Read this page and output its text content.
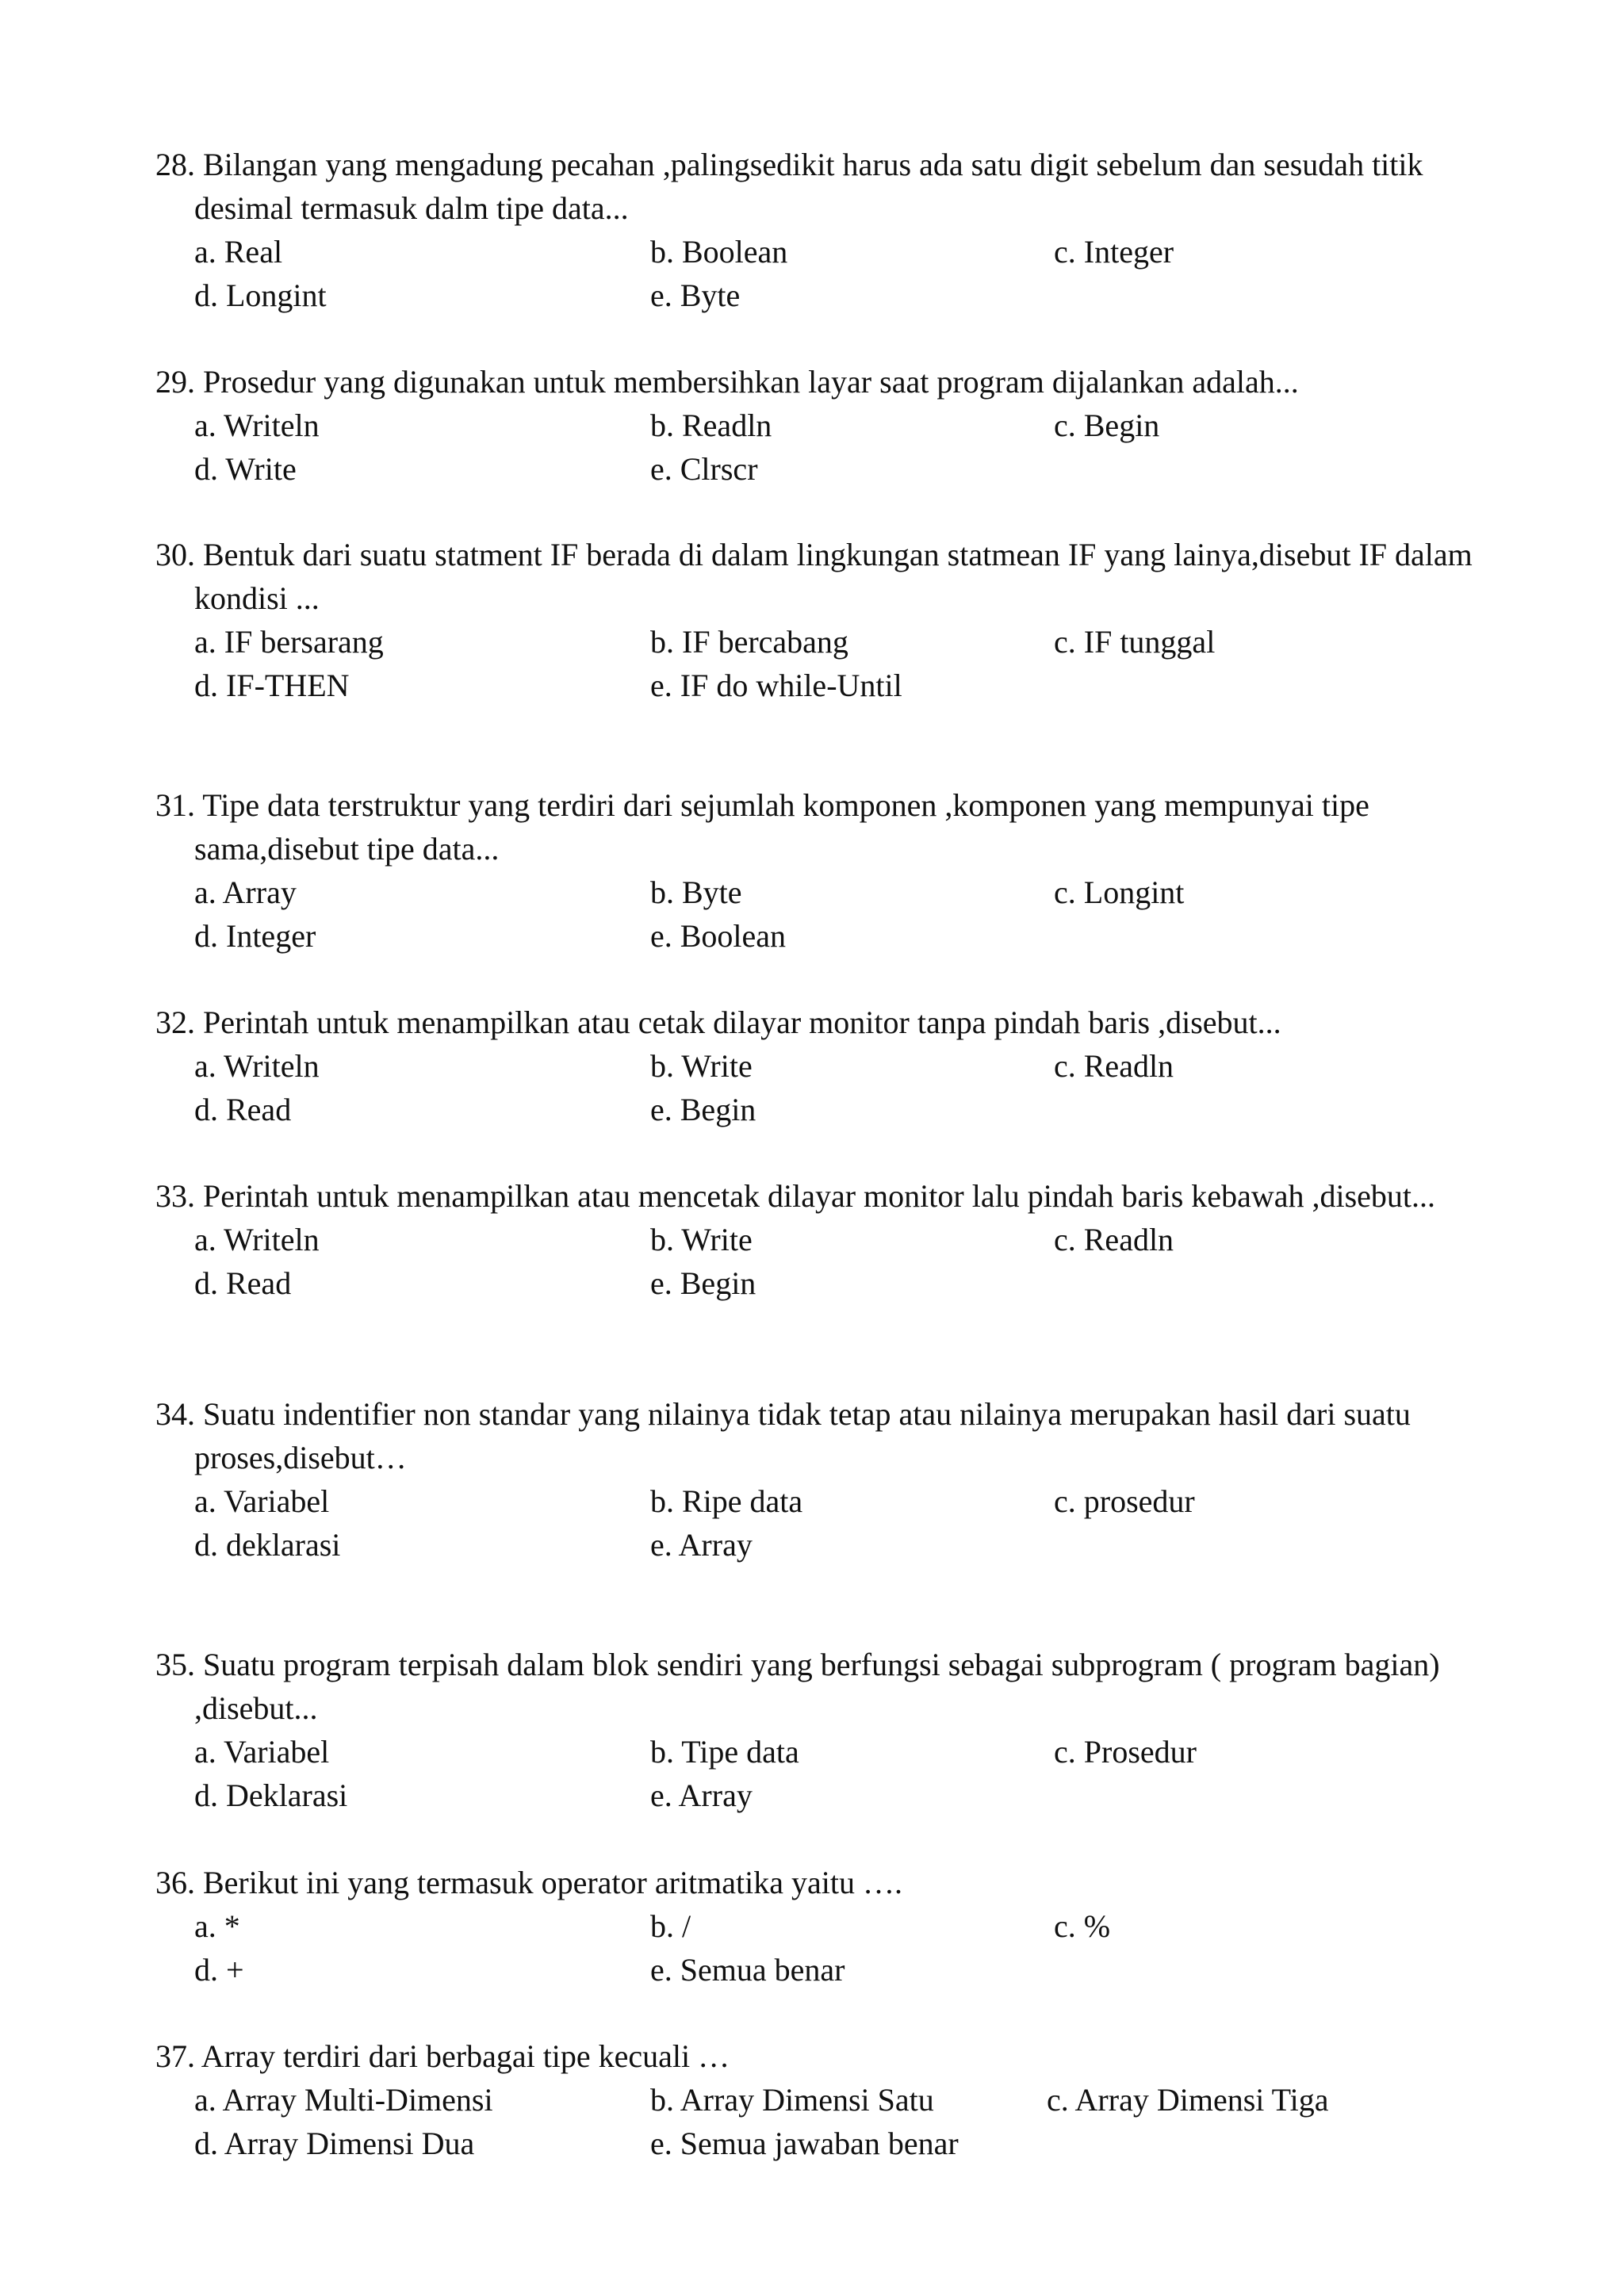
28. Bilangan yang mengadung pecahan ,palingsedikit harus ada satu digit sebelum dan sesudah titik desimal termasuk dalm tipe data...
a. Real	b. Boolean	c. Integer
d. Longint	e. Byte
29. Prosedur yang digunakan untuk membersihkan layar saat program dijalankan adalah...
a. Writeln	b. Readln	c. Begin
d. Write	e. Clrscr
30. Bentuk dari suatu statment IF berada di dalam lingkungan statmean IF yang lainya,disebut IF dalam kondisi ...
a. IF bersarang	b. IF bercabang	c. IF tunggal
d. IF-THEN	e. IF do while-Until
31. Tipe data terstruktur yang terdiri dari sejumlah komponen ,komponen yang mempunyai tipe sama,disebut tipe data...
a. Array	b. Byte	c. Longint
d. Integer	e. Boolean
32. Perintah untuk menampilkan atau cetak dilayar monitor tanpa pindah baris ,disebut...
a. Writeln	b. Write	c. Readln
d. Read	e. Begin
33. Perintah untuk menampilkan atau mencetak dilayar monitor lalu pindah baris kebawah ,disebut...
a. Writeln	b. Write	c. Readln
d. Read	e. Begin
34. Suatu indentifier non standar yang nilainya tidak tetap atau nilainya merupakan hasil dari suatu proses,disebut…
a. Variabel	b. Ripe data	c. prosedur
d. deklarasi	e. Array
35. Suatu program terpisah dalam blok sendiri yang berfungsi sebagai subprogram ( program bagian) ,disebut...
a. Variabel	b. Tipe data	c. Prosedur
d. Deklarasi	e. Array
36. Berikut ini yang termasuk operator aritmatika yaitu ….
a. *	b. /	c. %
d. +	e. Semua benar
37. Array terdiri dari berbagai tipe kecuali …
a. Array Multi-Dimensi	b. Array Dimensi Satu	c. Array Dimensi Tiga
d. Array Dimensi Dua	e. Semua jawaban benar
